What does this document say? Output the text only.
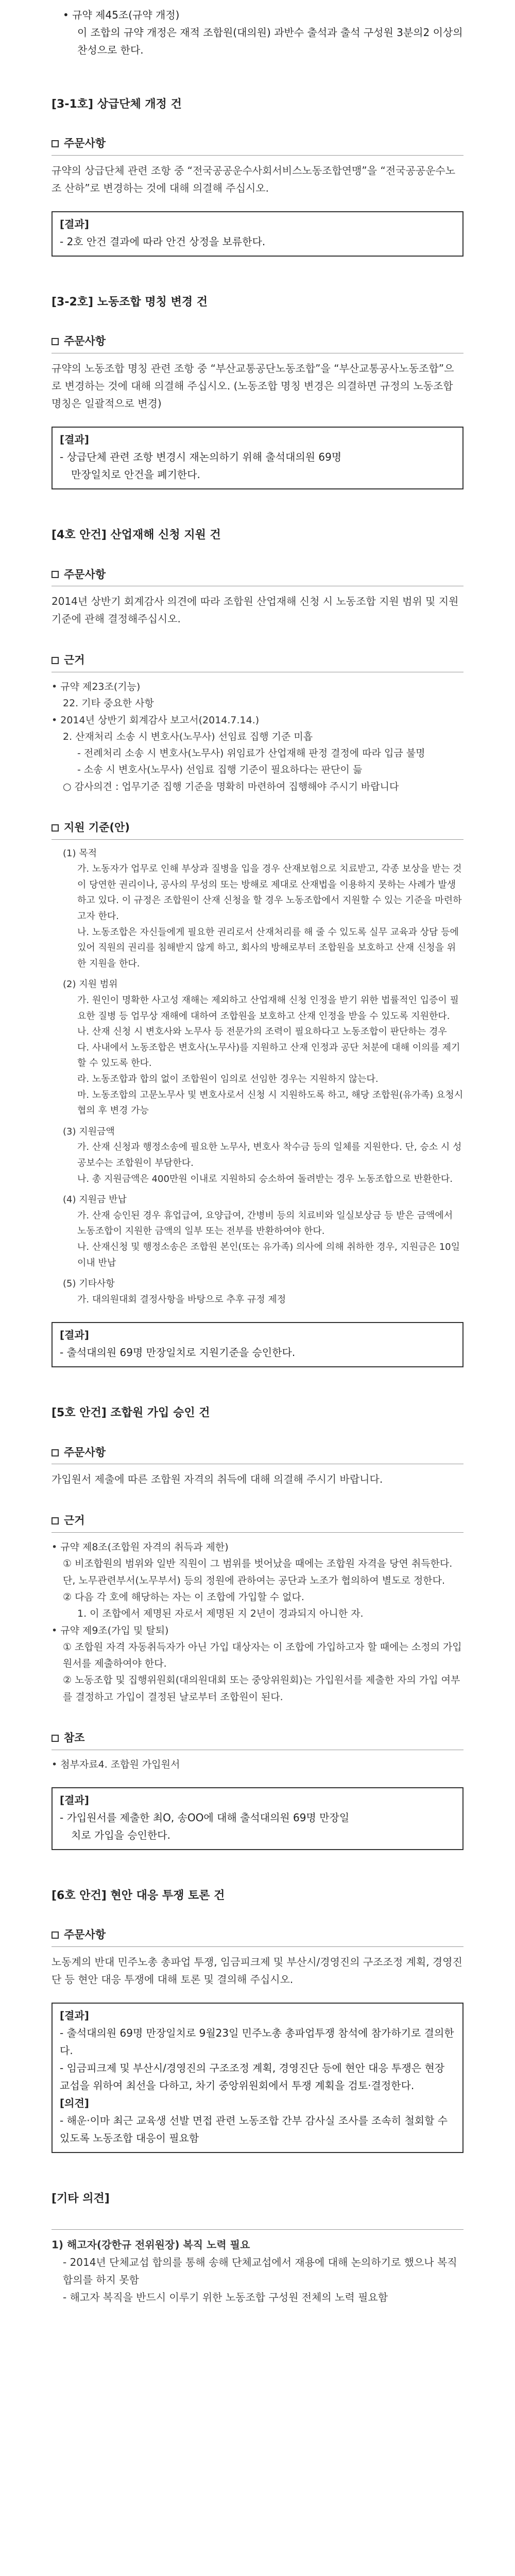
• 규약 제45조(규약 개정)
이 조합의 규약 개정은 재적 조합원(대의원) 과반수 출석과 출석 구성원 3분의2 이상의 찬성으로 한다.
[3-1호] 상급단체 개정 건
주문사항
규약의 상급단체 관련 조항 중 “전국공공운수사회서비스노동조합연맹”을 “전국공공운수노조 산하”로 변경하는 것에 대해 의결해 주십시오.
[결과]
- 2호 안건 결과에 따라 안건 상정을 보류한다.
[3-2호] 노동조합 명칭 변경 건
주문사항
규약의 노동조합 명칭 관련 조항 중 “부산교통공단노동조합”을 “부산교통공사노동조합”으로 변경하는 것에 대해 의결해 주십시오. (노동조합 명칭 변경은 의결하면 규정의 노동조합 명칭은 일괄적으로 변경)
[결과]
- 상급단체 관련 조항 변경시 재논의하기 위해 출석대의원 69명
만장일치로 안건을 폐기한다.
[4호 안건] 산업재해 신청 지원 건
주문사항
2014년 상반기 회계감사 의견에 따라 조합원 산업재해 신청 시 노동조합 지원 범위 및 지원 기준에 관해 결정해주십시오.
근거
• 규약 제23조(기능)
22. 기타 중요한 사항
• 2014년 상반기 회계감사 보고서(2014.7.14.)
2. 산재처리 소송 시 변호사(노무사) 선임료 집행 기준 미흡
- 전례처리 소송 시 변호사(노무사) 위임료가 산업재해 판정 결정에 따라 입금 불명
- 소송 시 변호사(노무사) 선임료 집행 기준이 필요하다는 판단이 듦
○ 감사의견 : 업무기준 집행 기준을 명확히 마련하여 집행해야 주시기 바랍니다
지원 기준(안)
(1) 목적
가. 노동자가 업무로 인해 부상과 질병을 입을 경우 산재보험으로 치료받고, 각종 보상을 받는 것이 당연한 권리이나, 공사의 무성의 또는 방해로 제대로 산재법을 이용하지 못하는 사례가 발생하고 있다. 이 규정은 조합원이 산재 신청을 할 경우 노동조합에서 지원할 수 있는 기준을 마련하고자 한다.
나. 노동조합은 자신들에게 필요한 권리로서 산재처리를 해 줄 수 있도록 실무 교육과 상담 등에 있어 직원의 권리를 침해받지 않게 하고, 회사의 방해로부터 조합원을 보호하고 산재 신청을 위한 지원을 한다.
(2) 지원 범위
가. 원인이 명확한 사고성 재해는 제외하고 산업재해 신청 인정을 받기 위한 법률적인 입증이 필요한 질병 등 업무상 재해에 대하여 조합원을 보호하고 산재 인정을 받을 수 있도록 지원한다.
나. 산재 신청 시 변호사와 노무사 등 전문가의 조력이 필요하다고 노동조합이 판단하는 경우
다. 사내에서 노동조합은 변호사(노무사)를 지원하고 산재 인정과 공단 처분에 대해 이의를 제기할 수 있도록 한다.
라. 노동조합과 합의 없이 조합원이 임의로 선임한 경우는 지원하지 않는다.
마. 노동조합의 고문노무사 및 변호사로서 신청 시 지원하도록 하고, 해당 조합원(유가족) 요청시 협의 후 변경 가능
(3) 지원금액
가. 산재 신청과 행정소송에 필요한 노무사, 변호사 착수금 등의 일체를 지원한다. 단, 승소 시 성공보수는 조합원이 부담한다.
나. 총 지원금액은 400만원 이내로 지원하되 승소하여 돌려받는 경우 노동조합으로 반환한다.
(4) 지원금 반납
가. 산재 승인된 경우 휴업급여, 요양급여, 간병비 등의 치료비와 일실보상금 등 받은 금액에서 노동조합이 지원한 금액의 일부 또는 전부를 반환하여야 한다.
나. 산재신청 및 행정소송은 조합원 본인(또는 유가족) 의사에 의해 취하한 경우, 지원금은 10일 이내 반납
(5) 기타사항
가. 대의원대회 결정사항을 바탕으로 추후 규정 제정
[결과]
- 출석대의원 69명 만장일치로 지원기준을 승인한다.
[5호 안건] 조합원 가입 승인 건
주문사항
가입원서 제출에 따른 조합원 자격의 취득에 대해 의결해 주시기 바랍니다.
근거
• 규약 제8조(조합원 자격의 취득과 제한)
① 비조합원의 범위와 일반 직원이 그 범위를 벗어났을 때에는 조합원 자격을 당연 취득한다. 단, 노무관련부서(노무부서) 등의 정원에 관하여는 공단과 노조가 협의하여 별도로 정한다.
② 다음 각 호에 해당하는 자는 이 조합에 가입할 수 없다.
1. 이 조합에서 제명된 자로서 제명된 지 2년이 경과되지 아니한 자.
• 규약 제9조(가입 및 탈퇴)
① 조합원 자격 자동취득자가 아닌 가입 대상자는 이 조합에 가입하고자 할 때에는 소정의 가입원서를 제출하여야 한다.
② 노동조합 및 집행위원회(대의원대회 또는 중앙위원회)는 가입원서를 제출한 자의 가입 여부를 결정하고 가입이 결정된 날로부터 조합원이 된다.
참조
• 첨부자료4. 조합원 가입원서
[결과]
- 가입원서를 제출한 최O, 송OO에 대해 출석대의원 69명 만장일
치로 가입을 승인한다.
[6호 안건] 현안 대응 투쟁 토론 건
주문사항
노동계의 반대 민주노총 총파업 투쟁, 임금피크제 및 부산시/경영진의 구조조정 계획, 경영진단 등 현안 대응 투쟁에 대해 토론 및 결의해 주십시오.
[결과]
- 출석대의원 69명 만장일치로 9월23일 민주노총 총파업투쟁 참석에 참가하기로 결의한다.
- 임금피크제 및 부산시/경영진의 구조조정 계획, 경영진단 등에 현안 대응 투쟁은 현장 교섭을 위하여 최선을 다하고, 차기 중앙위원회에서 투쟁 계획을 검토·결정한다.
[의견]
- 해운·이마 최근 교육생 선발 면접 관련 노동조합 간부 감사실 조사를 조속히 철회할 수 있도록 노동조합 대응이 필요함
[기타 의견]
1) 해고자(강한규 전위원장) 복직 노력 필요
- 2014년 단체교섭 합의를 통해 송해 단체교섭에서 재용에 대해 논의하기로 했으나 복직합의를 하지 못함
- 해고자 복직을 반드시 이루기 위한 노동조합 구성원 전체의 노력 필요함
